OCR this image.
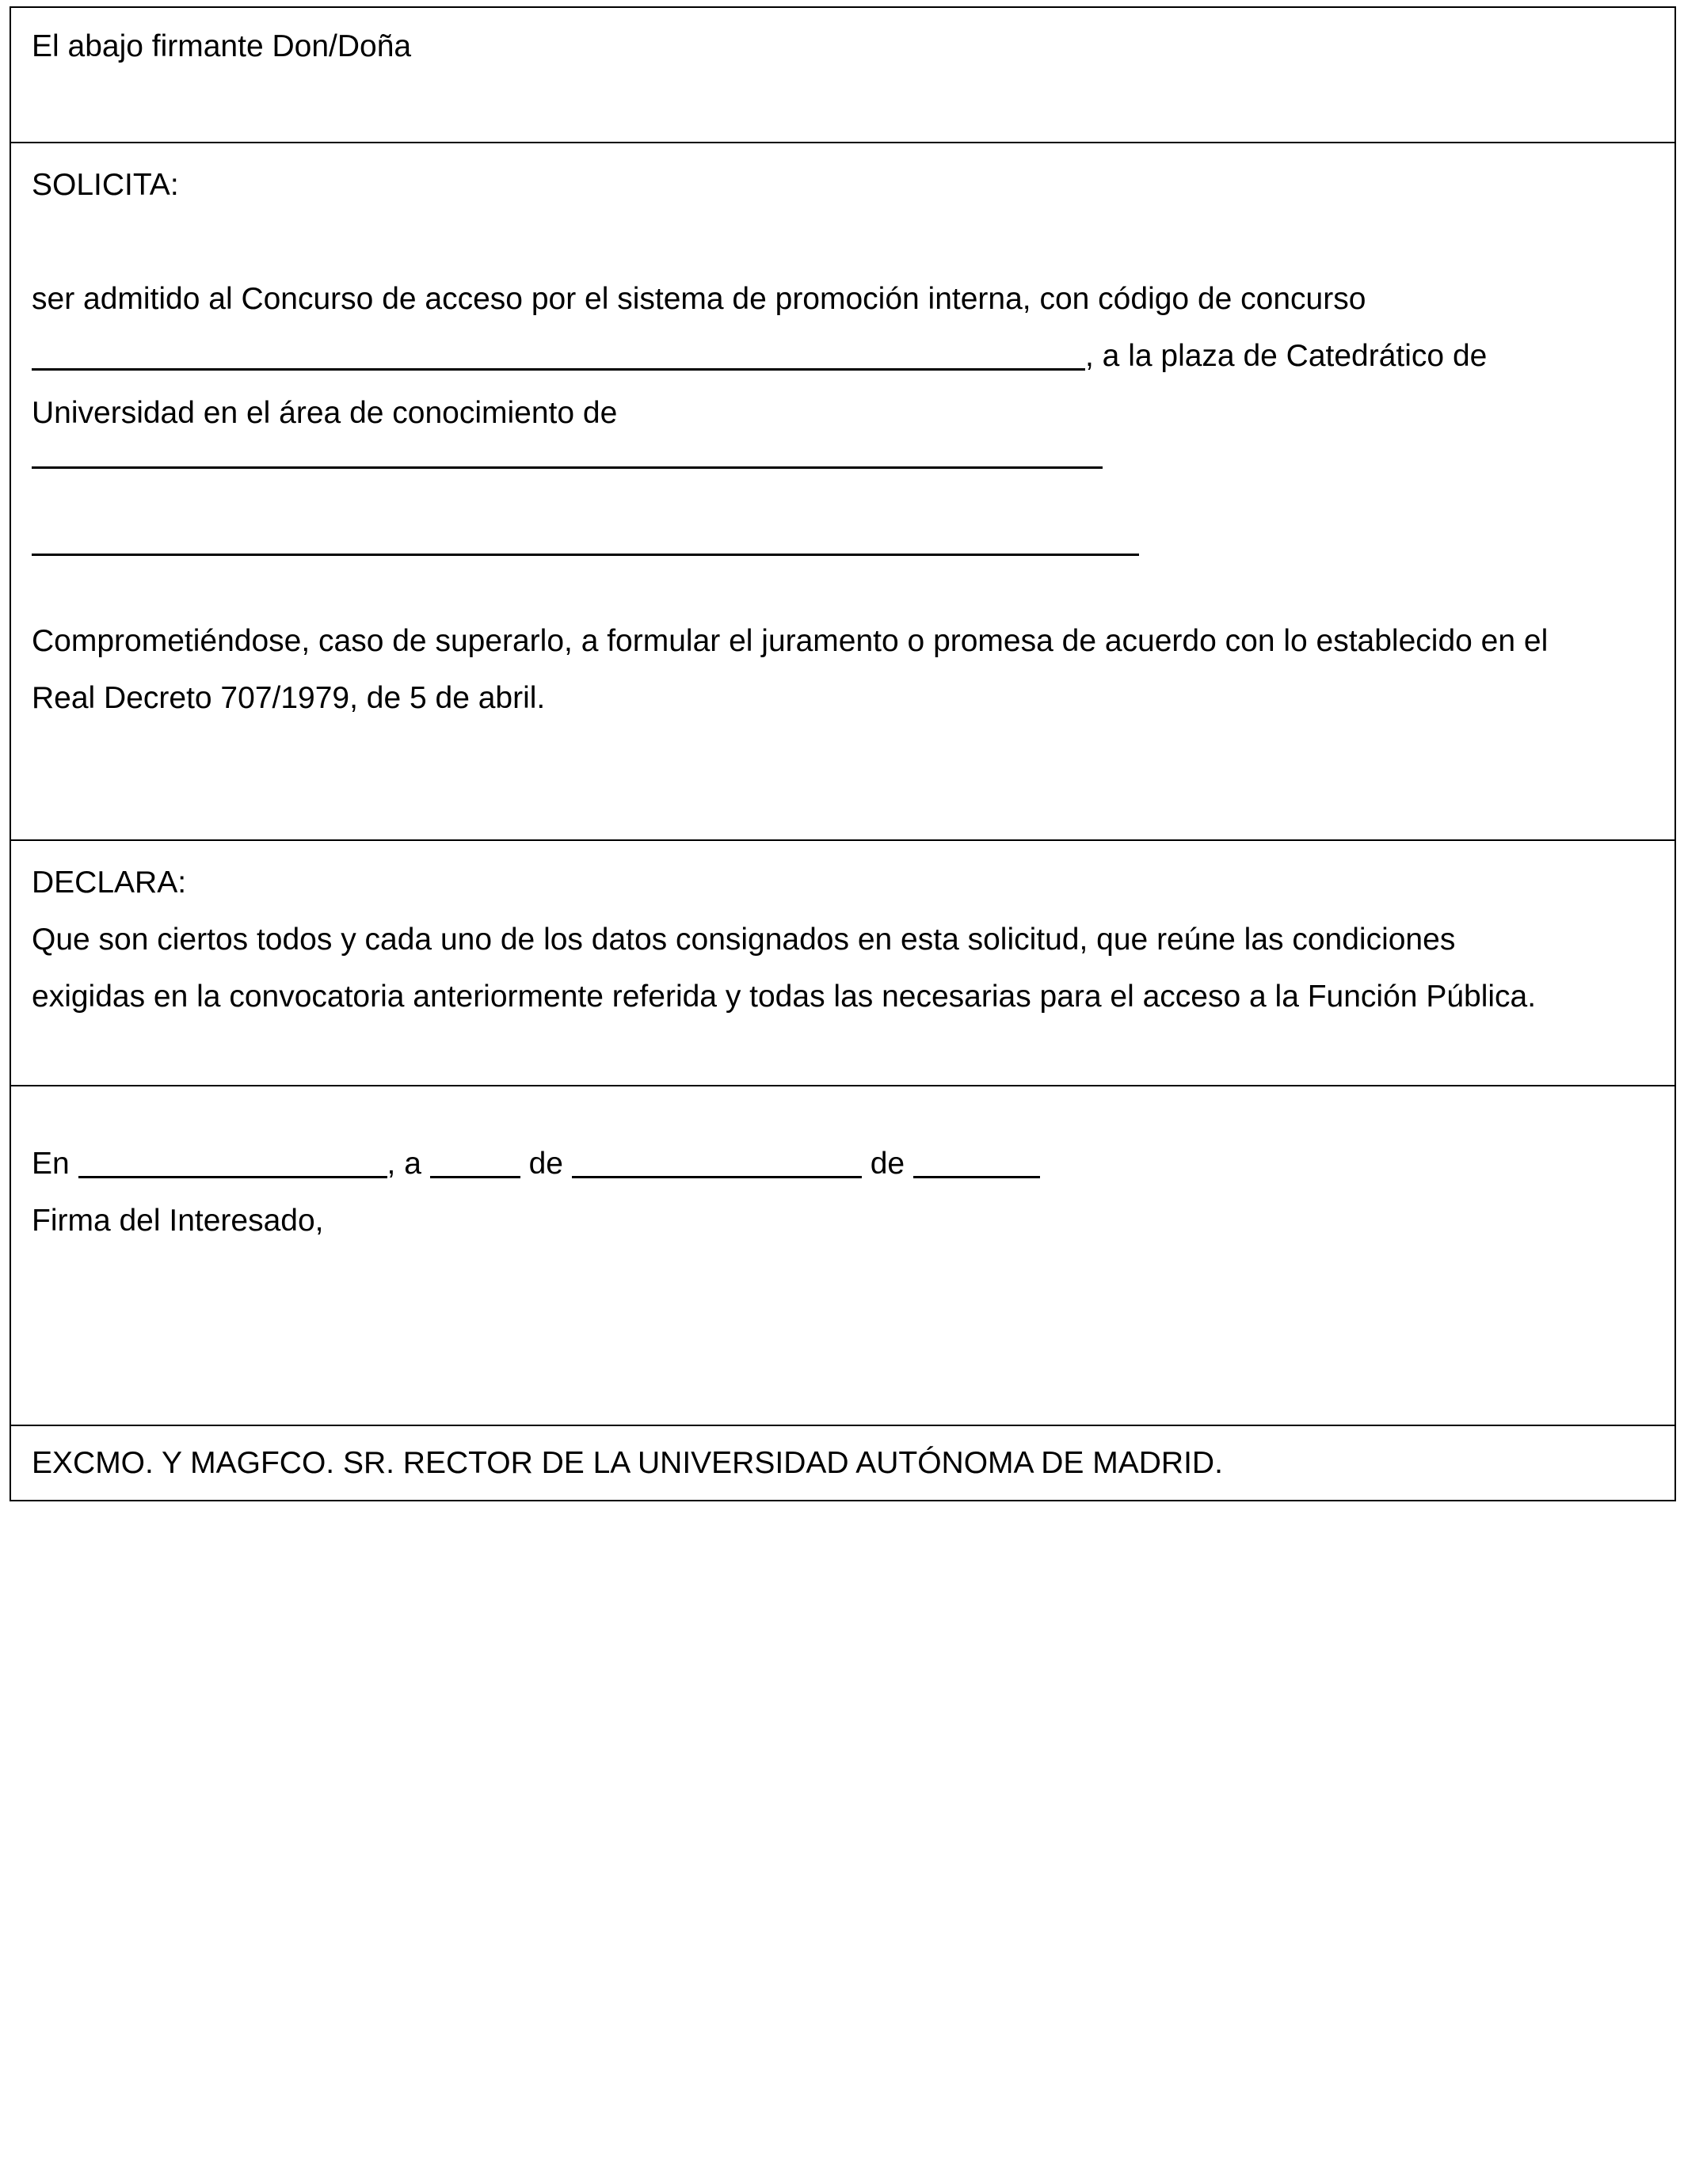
El abajo firmante Don/Doña
SOLICITA:
ser admitido al Concurso de acceso por el sistema de promoción interna, con código de concurso
, a la plaza de Catedrático de
Universidad en el área de conocimiento de
Comprometiéndose, caso de superarlo, a formular el juramento o promesa de acuerdo con lo establecido en el
Real Decreto 707/1979, de 5 de abril.
DECLARA:
Que son ciertos todos y cada uno de los datos consignados en esta solicitud, que reúne las condiciones
exigidas en la convocatoria anteriormente referida y todas las necesarias para el acceso a la Función Pública.
En	, a	de	de
Firma del Interesado,
EXCMO. Y MAGFCO. SR. RECTOR DE LA UNIVERSIDAD AUTÓNOMA DE MADRID.
